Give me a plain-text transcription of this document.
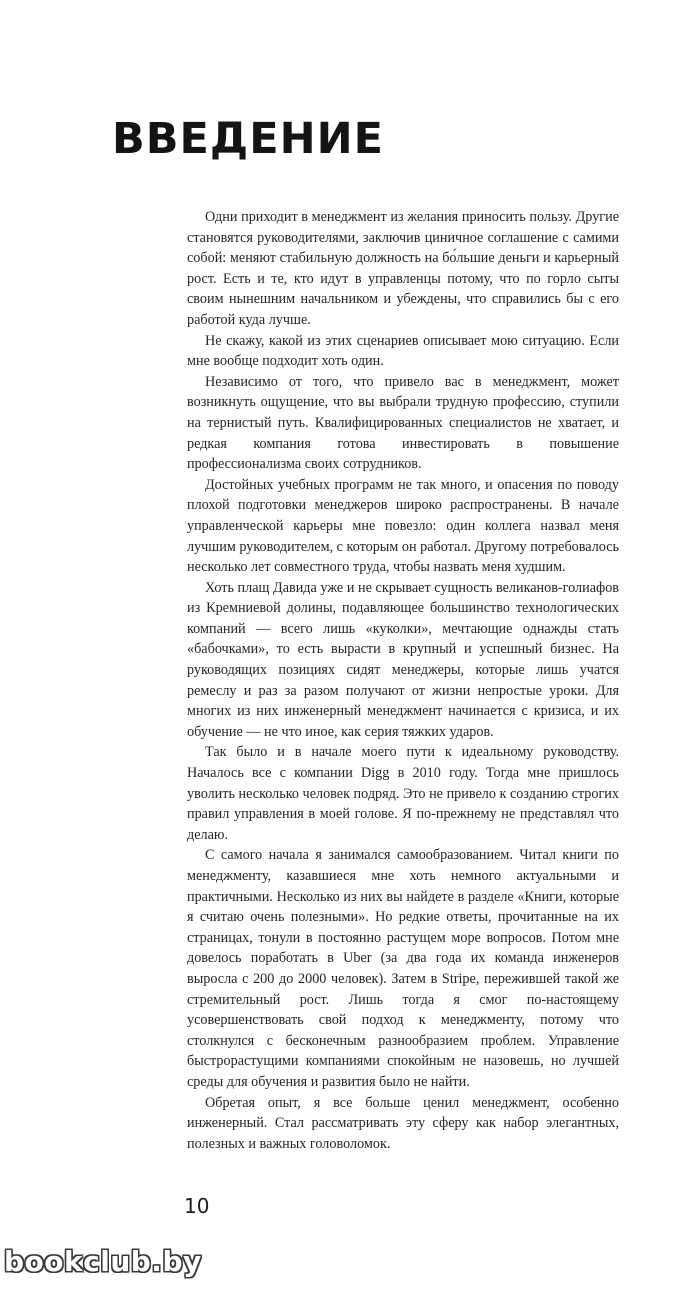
ВВЕДЕНИЕ

Одни приходит в менеджмент из желания приносить пользу. Другие становятся руководителями, заключив циничное соглашение с самими собой: меняют стабильную должность на бо́льшие деньги и карьерный рост. Есть и те, кто идут в управленцы потому, что по горло сыты своим нынешним начальником и убеждены, что справились бы с его работой куда лучше.

Не скажу, какой из этих сценариев описывает мою ситуацию. Если мне вообще подходит хоть один.

Независимо от того, что привело вас в менеджмент, может возникнуть ощущение, что вы выбрали трудную профессию, ступили на тернистый путь. Квалифицированных специалистов не хватает, и редкая компания готова инвестировать в повышение профессионализма своих сотрудников.

Достойных учебных программ не так много, и опасения по поводу плохой подготовки менеджеров широко распространены. В начале управленческой карьеры мне повезло: один коллега назвал меня лучшим руководителем, с которым он работал. Другому потребовалось несколько лет совместного труда, чтобы назвать меня худшим.

Хоть плащ Давида уже и не скрывает сущность великанов-голиафов из Кремниевой долины, подавляющее большинство технологических компаний — всего лишь «куколки», мечтающие однажды стать «бабочками», то есть вырасти в крупный и успешный бизнес. На руководящих позициях сидят менеджеры, которые лишь учатся ремеслу и раз за разом получают от жизни непростые уроки. Для многих из них инженерный менеджмент начинается с кризиса, и их обучение — не что иное, как серия тяжких ударов.

Так было и в начале моего пути к идеальному руководству. Началось все с компании Digg в 2010 году. Тогда мне пришлось уволить несколько человек подряд. Это не привело к созданию строгих правил управления в моей голове. Я по-прежнему не представлял что делаю.

С самого начала я занимался самообразованием. Читал книги по менеджменту, казавшиеся мне хоть немного актуальными и практичными. Несколько из них вы найдете в разделе «Книги, которые я считаю очень полезными». Но редкие ответы, прочитанные на их страницах, тонули в постоянно растущем море вопросов. Потом мне довелось поработать в Uber (за два года их команда инженеров выросла с 200 до 2000 человек). Затем в Stripe, пережившей такой же стремительный рост. Лишь тогда я смог по-настоящему усовершенствовать свой подход к менеджменту, потому что столкнулся с бесконечным разнообразием проблем. Управление быстрорастущими компаниями спокойным не назовешь, но лучшей среды для обучения и развития было не найти.

Обретая опыт, я все больше ценил менеджмент, особенно инженерный. Стал рассматривать эту сферу как набор элегантных, полезных и важных головоломок.

10
bookclub.by
